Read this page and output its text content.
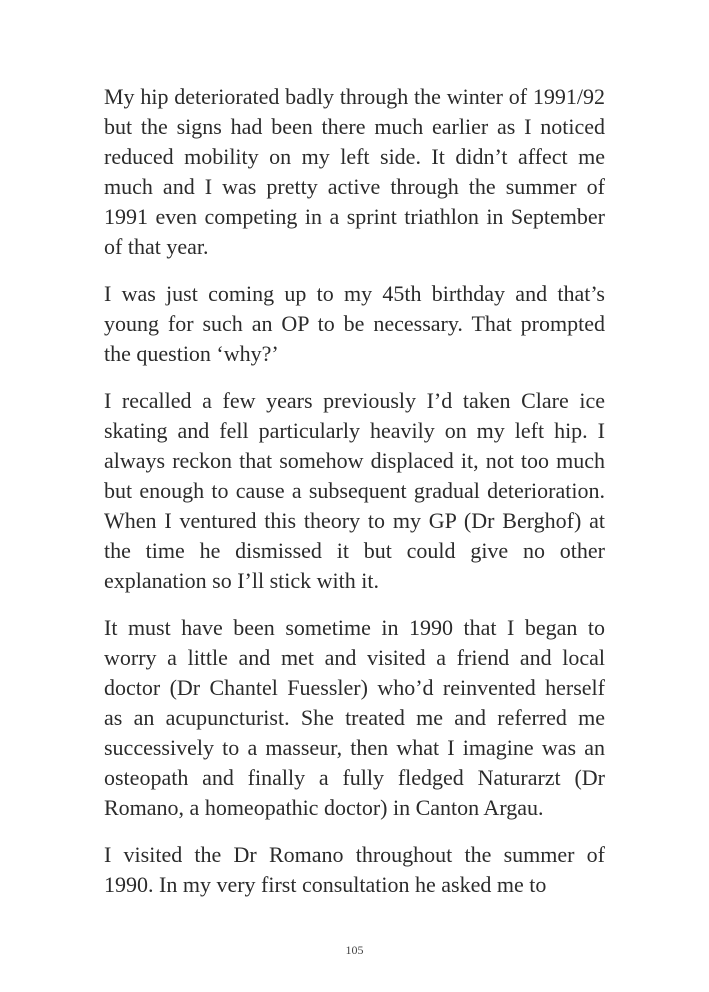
My hip deteriorated badly through the winter of 1991/92 but the signs had been there much earlier as I noticed reduced mobility on my left side. It didn’t affect me much and I was pretty active through the summer of 1991 even competing in a sprint triathlon in September of that year.

I was just coming up to my 45th birthday and that’s young for such an OP to be necessary. That prompted the question ‘why?’

I recalled a few years previously I’d taken Clare ice skating and fell particularly heavily on my left hip. I always reckon that somehow displaced it, not too much but enough to cause a subsequent gradual deterioration. When I ventured this theory to my GP (Dr Berghof) at the time he dismissed it but could give no other explanation so I’ll stick with it.

It must have been sometime in 1990 that I began to worry a little and met and visited a friend and local doctor (Dr Chantel Fuessler) who’d reinvented herself as an acupuncturist. She treated me and referred me successively to a masseur, then what I imagine was an osteopath and finally a fully fledged Naturarzt (Dr Romano, a homeopathic doctor) in Canton Argau.

I visited the Dr Romano throughout the summer of 1990. In my very first consultation he asked me to

105
